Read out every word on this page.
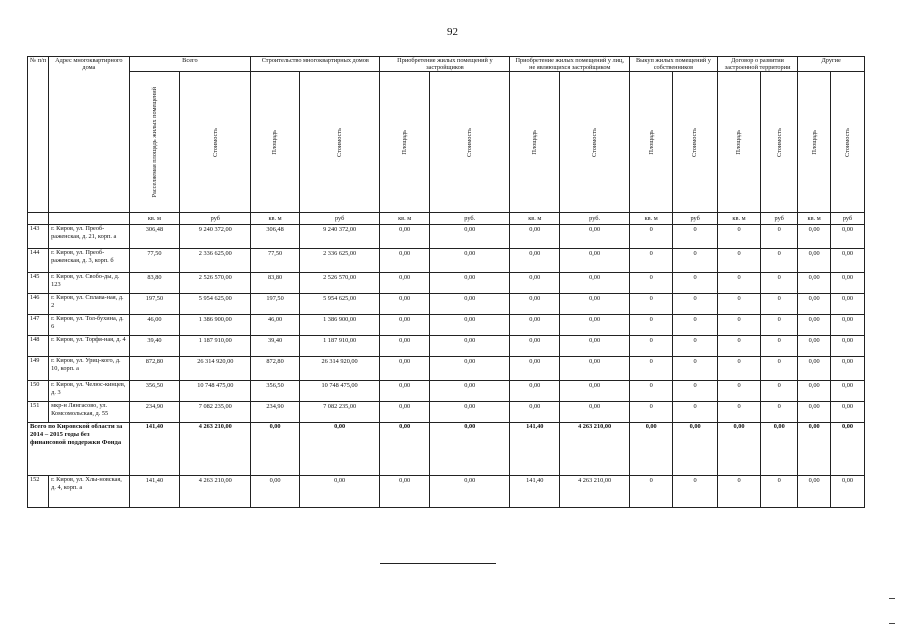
92
№ п/п	Адрес многоквартирного дома	Всего		Строительство многоквартирных домов		Приобретение жилых помещений у застройщиков		Приобретение жилых помещений у лиц, не являющихся застройщиком		Выкуп жилых помещений у собственников		Договор о развитии застроенной территории		Другие	

		Расселяемая площадь жилых помещений	Стоимость	Площадь	Стоимость	Площадь	Стоимость	Площадь	Стоимость	Площадь	Стоимость	Площадь	Стоимость	Площадь	Стоимость

		кв. м	руб	кв. м	руб	кв. м	руб.	кв. м	руб.	кв. м	руб	кв. м	руб	кв. м	руб
143	г. Киров, ул. Преоб-раженская, д. 21, корп. а	306,48	9 240 372,00	306,48	9 240 372,00	0,00	0,00	0,00	0,00	0	0	0	0	0,00	0,00
144	г. Киров, ул. Преоб-раженская, д. 3, корп. б	77,50	2 336 625,00	77,50	2 336 625,00	0,00	0,00	0,00	0,00	0	0	0	0	0,00	0,00
145	г. Киров, ул. Свобо-ды, д. 123	83,80	2 526 570,00	83,80	2 526 570,00	0,00	0,00	0,00	0,00	0	0	0	0	0,00	0,00
146	г. Киров, ул. Сплава-ная, д. 2	197,50	5 954 625,00	197,50	5 954 625,00	0,00	0,00	0,00	0,00	0	0	0	0	0,00	0,00
147	г. Киров, ул. Тол-бухина, д. 6	46,00	1 386 900,00	46,00	1 386 900,00	0,00	0,00	0,00	0,00	0	0	0	0	0,00	0,00
148	г. Киров, ул. Торфя-ная, д. 4	39,40	1 187 910,00	39,40	1 187 910,00	0,00	0,00	0,00	0,00	0	0	0	0	0,00	0,00
149	г. Киров, ул. Уриц-кого, д. 10, корп. а	872,80	26 314 920,00	872,80	26 314 920,00	0,00	0,00	0,00	0,00	0	0	0	0	0,00	0,00
150	г. Киров, ул. Челюс-кинцев, д. 3	356,50	10 748 475,00	356,50	10 748 475,00	0,00	0,00	0,00	0,00	0	0	0	0	0,00	0,00
151	мкр-н Лянгасово, ул. Комсомольская, д. 55	234,90	7 082 235,00	234,90	7 082 235,00	0,00	0,00	0,00	0,00	0	0	0	0	0,00	0,00
Всего по Кировской области за 2014 – 2015 годы без финансовой поддержки Фонда		141,40	4 263 210,00	0,00	0,00	0,00	0,00	141,40	4 263 210,00	0,00	0,00	0,00	0,00	0,00	0,00
152	г. Киров, ул. Хлы-новская, д. 4, корп. а	141,40	4 263 210,00	0,00	0,00	0,00	0,00	141,40	4 263 210,00	0	0	0	0	0,00	0,00
